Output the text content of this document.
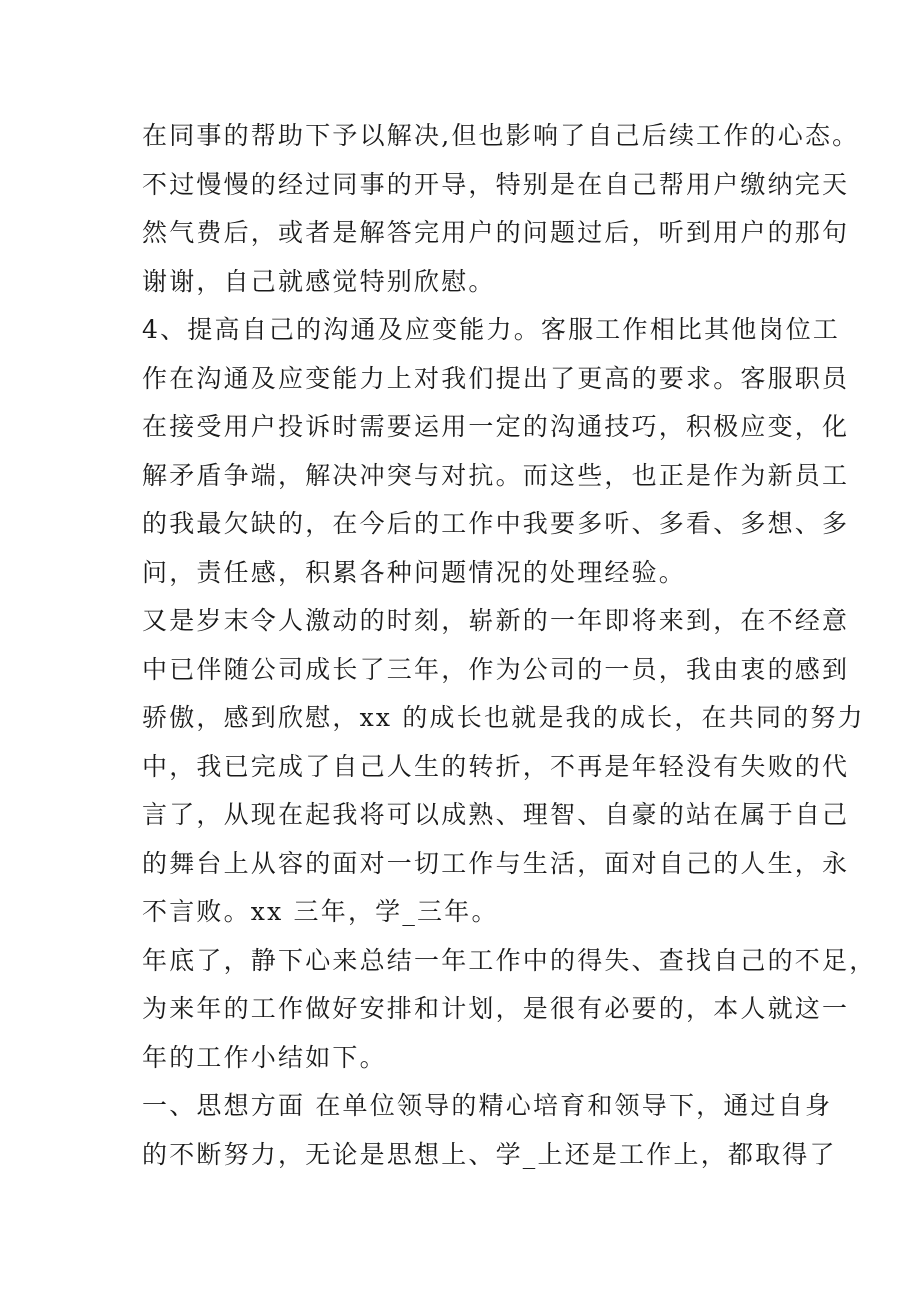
在同事的帮助下予以解决,但也影响了自己后续工作的心态。
不过慢慢的经过同事的开导，特别是在自己帮用户缴纳完天
然气费后，或者是解答完用户的问题过后，听到用户的那句
谢谢，自己就感觉特别欣慰。
4、提高自己的沟通及应变能力。客服工作相比其他岗位工
作在沟通及应变能力上对我们提出了更高的要求。客服职员
在接受用户投诉时需要运用一定的沟通技巧，积极应变，化
解矛盾争端，解决冲突与对抗。而这些，也正是作为新员工
的我最欠缺的，在今后的工作中我要多听、多看、多想、多
问，责任感，积累各种问题情况的处理经验。
又是岁末令人激动的时刻，崭新的一年即将来到，在不经意
中已伴随公司成长了三年，作为公司的一员，我由衷的感到
骄傲，感到欣慰，xx 的成长也就是我的成长，在共同的努力
中，我已完成了自己人生的转折，不再是年轻没有失败的代
言了，从现在起我将可以成熟、理智、自豪的站在属于自己
的舞台上从容的面对一切工作与生活，面对自己的人生，永
不言败。xx 三年，学_三年。
年底了，静下心来总结一年工作中的得失、查找自己的不足，
为来年的工作做好安排和计划，是很有必要的，本人就这一
年的工作小结如下。
一、思想方面 在单位领导的精心培育和领导下，通过自身
的不断努力，无论是思想上、学_上还是工作上，都取得了
